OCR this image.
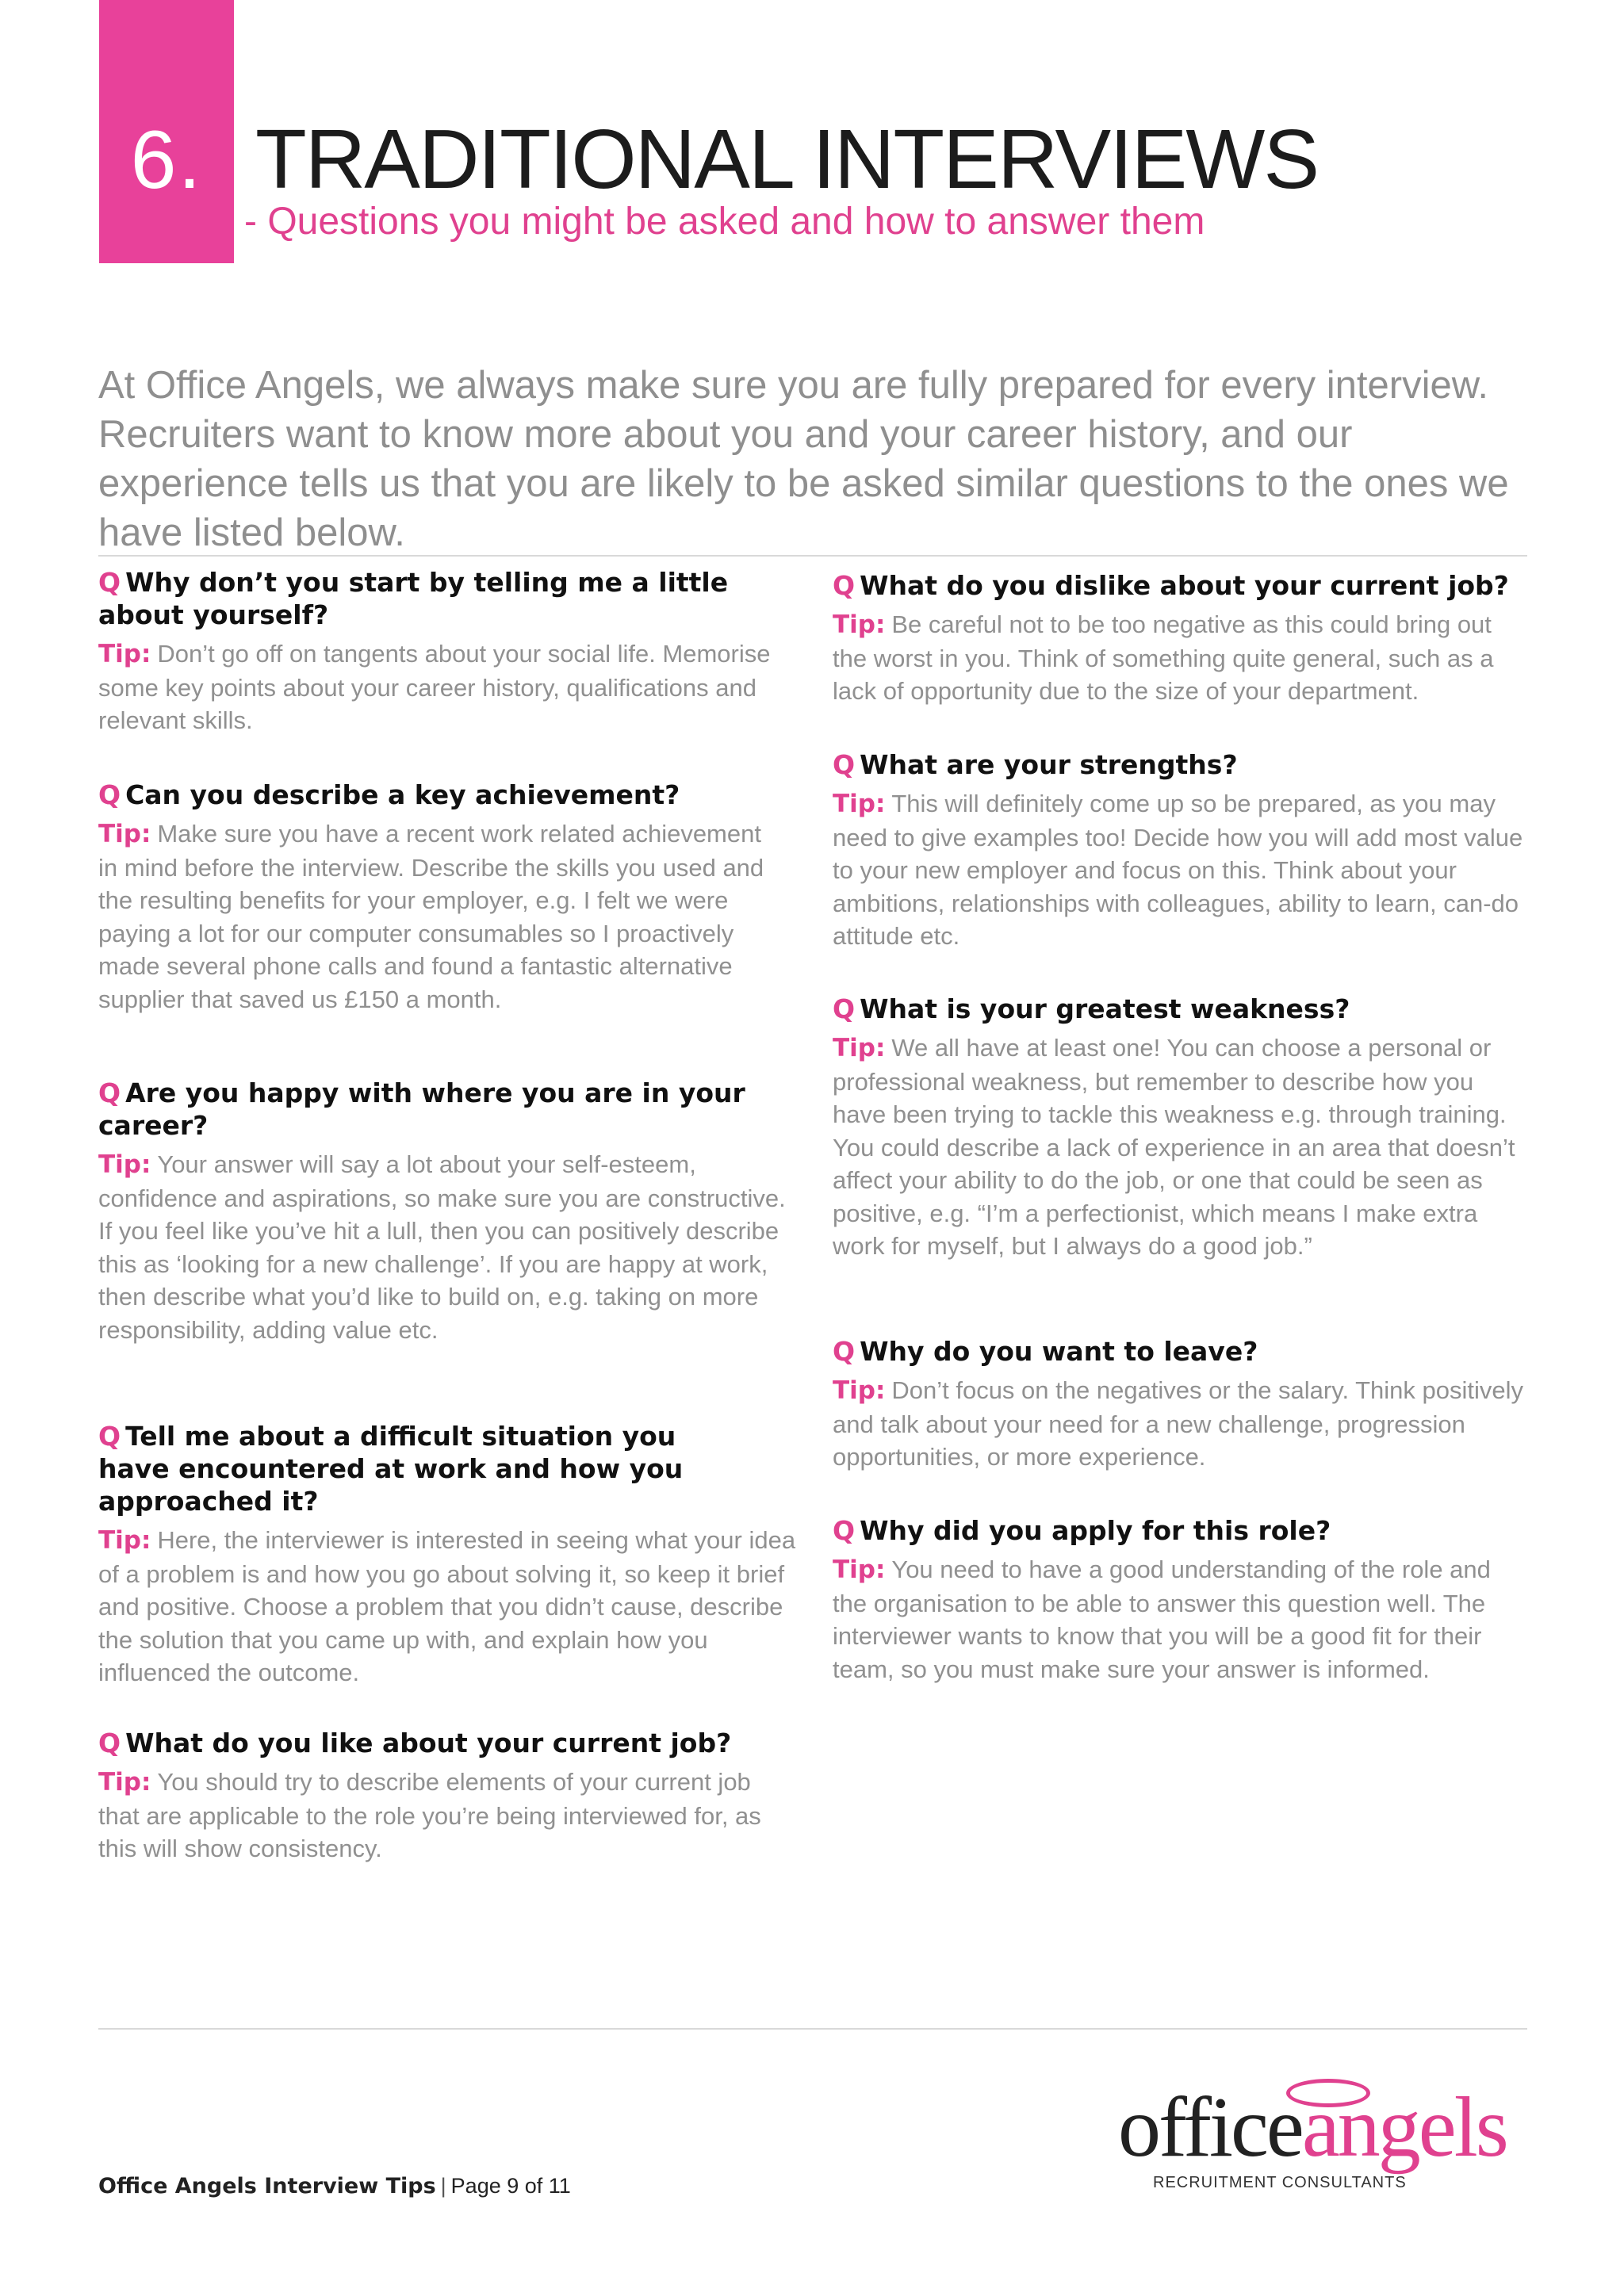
6. TRADITIONAL INTERVIEWS
- Questions you might be asked and how to answer them

At Office Angels, we always make sure you are fully prepared for every interview. Recruiters want to know more about you and your career history, and our experience tells us that you are likely to be asked similar questions to the ones we have listed below.

Q Why don’t you start by telling me a little about yourself?

Tip: Don’t go off on tangents about your social life. Memorise some key points about your career history, qualifications and relevant skills.

Q Can you describe a key achievement?

Tip: Make sure you have a recent work related achievement in mind before the interview. Describe the skills you used and the resulting benefits for your employer, e.g. I felt we were paying a lot for our computer consumables so I proactively made several phone calls and found a fantastic alternative supplier that saved us £150 a month.

Q Are you happy with where you are in your career?

Tip: Your answer will say a lot about your self-esteem, confidence and aspirations, so make sure you are constructive. If you feel like you’ve hit a lull, then you can positively describe this as ‘looking for a new challenge’. If you are happy at work, then describe what you’d like to build on, e.g. taking on more responsibility, adding value etc.

Q Tell me about a difficult situation you have encountered at work and how you approached it?

Tip: Here, the interviewer is interested in seeing what your idea of a problem is and how you go about solving it, so keep it brief and positive. Choose a problem that you didn’t cause, describe the solution that you came up with, and explain how you influenced the outcome.

Q What do you like about your current job?

Tip: You should try to describe elements of your current job that are applicable to the role you’re being interviewed for, as this will show consistency.

Q What do you dislike about your current job?

Tip: Be careful not to be too negative as this could bring out the worst in you. Think of something quite general, such as a lack of opportunity due to the size of your department.

Q What are your strengths?

Tip: This will definitely come up so be prepared, as you may need to give examples too! Decide how you will add most value to your new employer and focus on this. Think about your ambitions, relationships with colleagues, ability to learn, can-do attitude etc.

Q What is your greatest weakness?

Tip: We all have at least one! You can choose a personal or professional weakness, but remember to describe how you have been trying to tackle this weakness e.g. through training. You could describe a lack of experience in an area that doesn’t affect your ability to do the job, or one that could be seen as positive, e.g. “I’m a perfectionist, which means I make extra work for myself, but I always do a good job.”

Q Why do you want to leave?

Tip: Don’t focus on the negatives or the salary. Think positively and talk about your need for a new challenge, progression opportunities, or more experience.

Q Why did you apply for this role?

Tip: You need to have a good understanding of the role and the organisation to be able to answer this question well. The interviewer wants to know that you will be a good fit for their team, so you must make sure your answer is informed.

Office Angels Interview Tips | Page 9 of 11
officeangels
RECRUITMENT CONSULTANTS
